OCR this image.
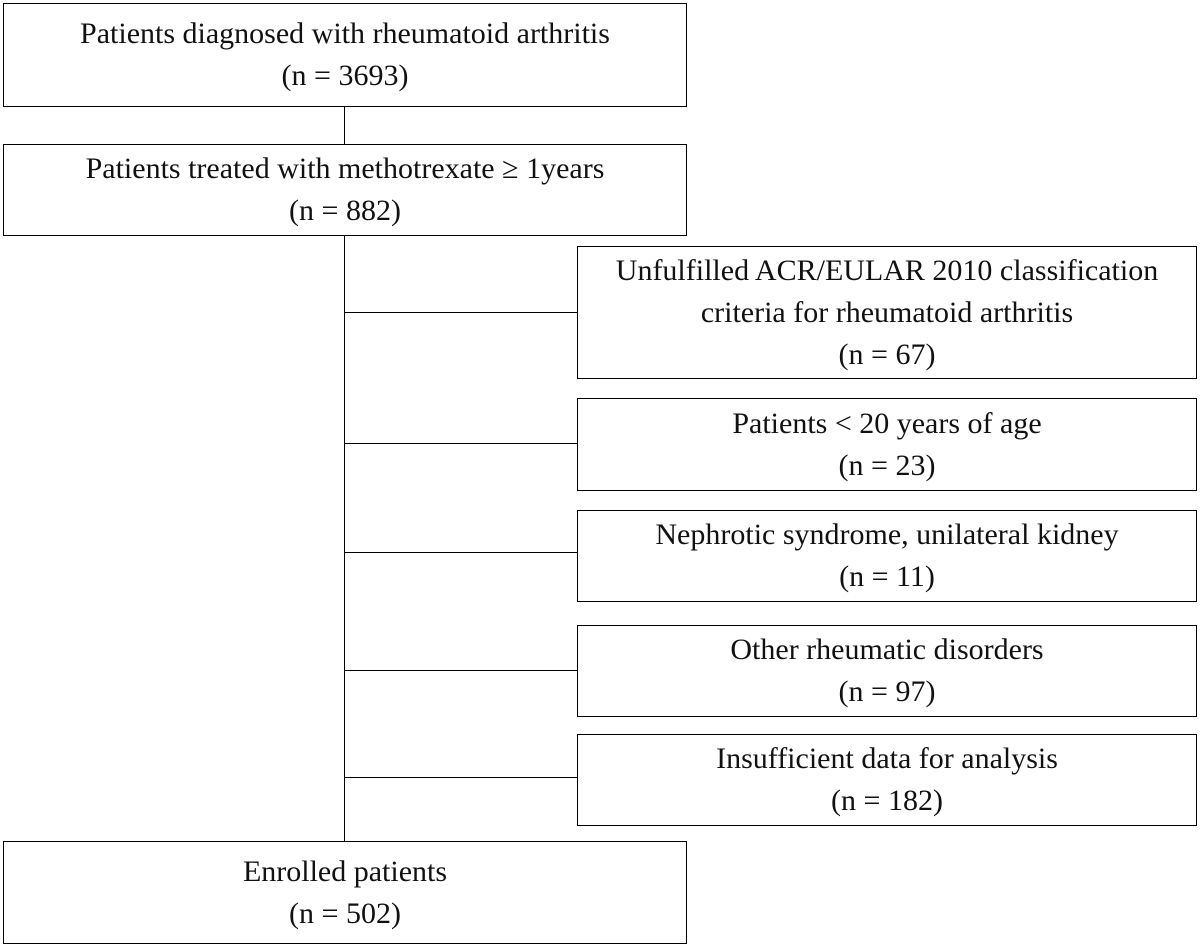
Patients diagnosed with rheumatoid arthritis
(n = 3693)
Patients treated with methotrexate ≥ 1years
(n = 882)
Unfulfilled ACR/EULAR 2010 classification
criteria for rheumatoid arthritis
(n = 67)
Patients < 20 years of age
(n = 23)
Nephrotic syndrome, unilateral kidney
(n = 11)
Other rheumatic disorders
(n = 97)
Insufficient data for analysis
(n = 182)
Enrolled patients
(n = 502)
